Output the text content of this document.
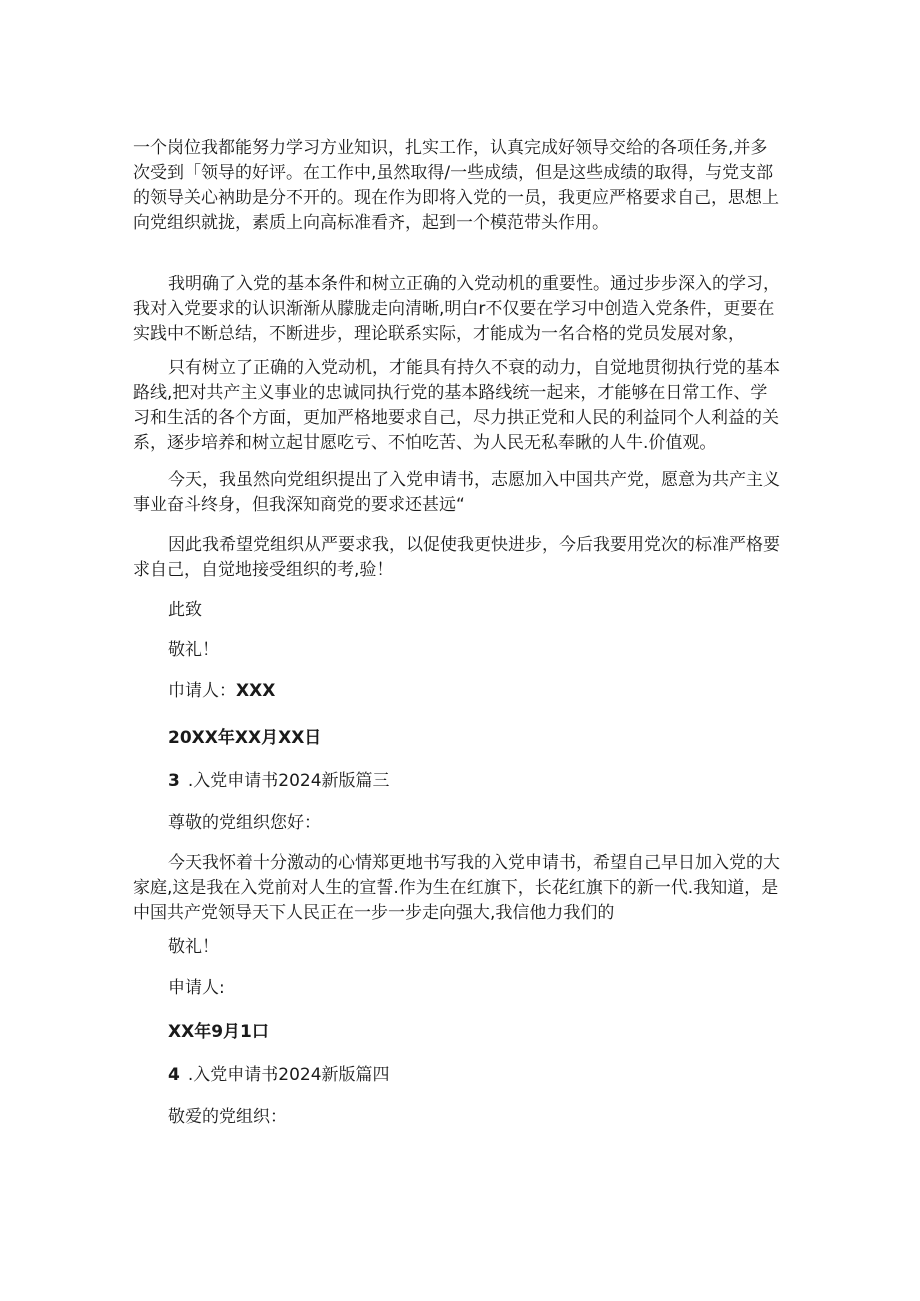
一个岗位我都能努力学习方业知识，扎实工作，认真完成好领导交给的各项任务,并多
次受到「领导的好评。在工作中,虽然取得/一些成绩，但是这些成绩的取得，与党支部
的领导关心衲助是分不开的。现在作为即将入党的一员，我更应严格要求自己，思想上
向党组织就拢，素质上向高标准看齐，起到一个模范带头作用。
我明确了入党的基本条件和树立正确的入党动机的重要性。通过步步深入的学习，
我对入党要求的认识渐渐从朦胧走向清晰,明白r不仅要在学习中创造入党条件，更要在
实践中不断总结，不断进步，理论联系实际，才能成为一名合格的党员发展对象，
只有树立了正确的入党动机，才能具有持久不衰的动力，自觉地贯彻执行党的基本
路线,把对共产主义事业的忠诚同执行党的基本路线统一起来，才能够在日常工作、学
习和生活的各个方面，更加严格地要求自己，尽力拱正党和人民的利益同个人利益的关
系，逐步培养和树立起甘愿吃亏、不怕吃苦、为人民无私奉瞅的人牛.价值观。
今天，我虽然向党组织提出了入党申请书，志愿加入中国共产党，愿意为共产主义
事业奋斗终身，但我深知商党的要求还甚远“
因此我希望党组织从严要求我，以促使我更快进步，今后我要用党次的标准严格要
求自己，自觉地接受组织的考,验！
此致
敬礼！
巾请人：XXX
20XX年XX月XX日
3 .入党申请书2024新版篇三
尊敬的党组织您好：
今天我怀着十分激动的心情郑更地书写我的入党申请书，希望自己早日加入党的大
家庭,这是我在入党前对人生的宣誓.作为生在红旗下，长花红旗下的新一代.我知道，是
中国共产党领导天下人民正在一步一步走向强大,我信他力我们的
敬礼！
申请人:
XX年9月1口
4 .入党申请书2024新版篇四
敬爱的党组织：
